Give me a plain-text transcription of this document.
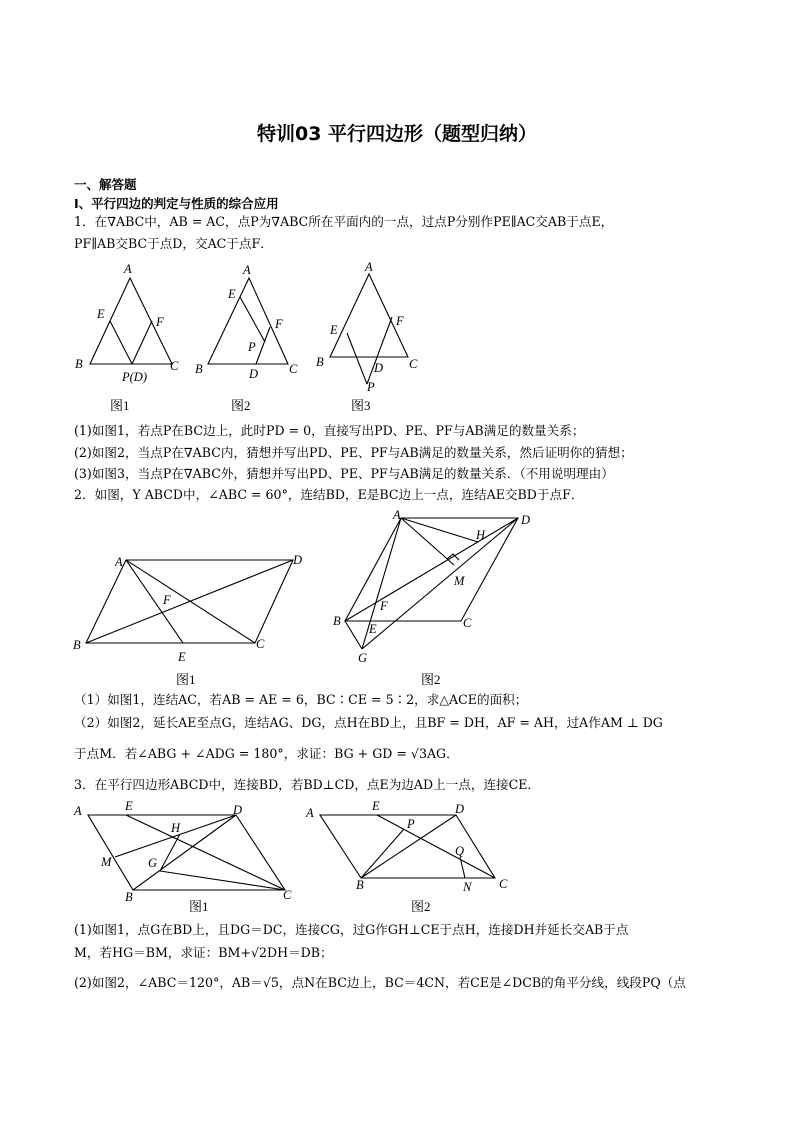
特训03 平行四边形（题型归纳）
一、解答题
Ⅰ、平行四边的判定与性质的综合应用
1．在∇ABC中，AB = AC，点P为∇ABC所在平面内的一点，过点P分别作PE∥AC交AB于点E，
PF∥AB交BC于点D，交AC于点F．
A
B	C
E
F
P(D)
图1
A
B	C
E
F
P
D
图2
A
B	C
E
F
D
P
图3
(1)如图1，若点P在BC边上，此时PD = 0，直接写出PD、PE、PF与AB满足的数量关系；
(2)如图2，当点P在∇ABC内，猜想并写出PD、PE、PF与AB满足的数量关系，然后证明你的猜想；
(3)如图3，当点P在∇ABC外，猜想并写出PD、PE、PF与AB满足的数量关系．（不用说明理由）
2．如图，Y ABCD中，∠ABC = 60°，连结BD，E是BC边上一点，连结AE交BD于点F．
A	D
B	C
E
F
图1
A	D
H
M
F
B
E	C
G
图2
（1）如图1，连结AC，若AB = AE = 6，BC∶CE = 5∶2，求△ACE的面积；
（2）如图2，延长AE至点G，连结AG、DG，点H在BD上，且BF = DH，AF = AH，过A作AM ⊥ DG
于点M．若∠ABG + ∠ADG = 180°，求证：BG + GD = √3AG．
3．在平行四边形ABCD中，连接BD，若BD⊥CD，点E为边AD上一点，连接CE．
A	E	D
H
M	G
B	C
图1
A	E	D
P
Q
B	N C
图2
(1)如图1，点G在BD上，且DG＝DC，连接CG，过G作GH⊥CE于点H，连接DH并延长交AB于点
M，若HG＝BM，求证：BM+√2DH＝DB；
(2)如图2，∠ABC＝120°，AB＝√5，点N在BC边上，BC＝4CN，若CE是∠DCB的角平分线，线段PQ（点
